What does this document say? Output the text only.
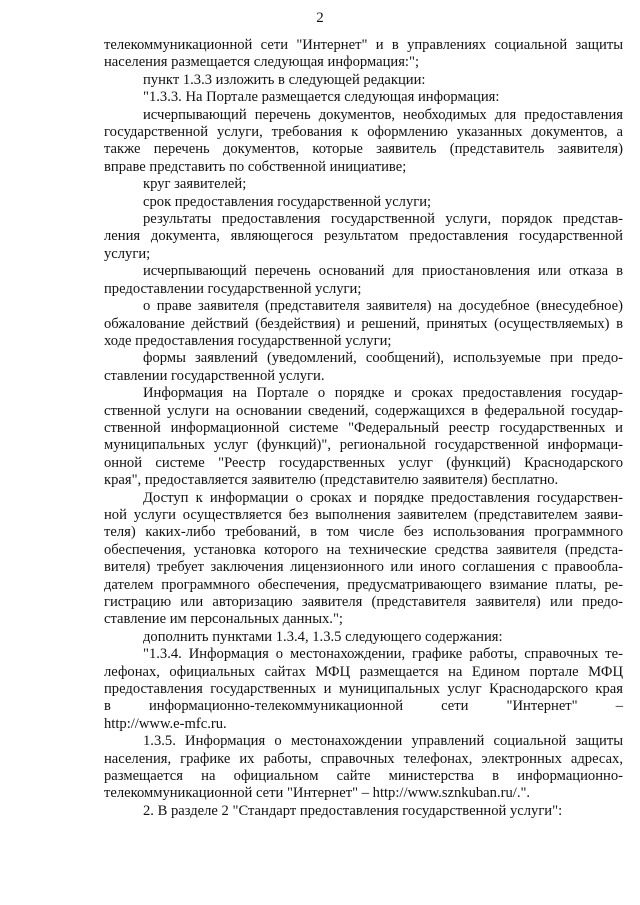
2

телекоммуникационной сети "Интернет" и в управлениях социальной защиты
населения размещается следующая информация:";

пункт 1.3.3 изложить в следующей редакции:

"1.3.3. На Портале размещается следующая информация:

исчерпывающий перечень документов, необходимых для предоставления
государственной услуги, требования к оформлению указанных документов, а
также перечень документов, которые заявитель (представитель заявителя)
вправе представить по собственной инициативе;

круг заявителей;

срок предоставления государственной услуги;

результаты предоставления государственной услуги, порядок представ-
ления документа, являющегося результатом предоставления государственной
услуги;

исчерпывающий перечень оснований для приостановления или отказа в
предоставлении государственной услуги;

о праве заявителя (представителя заявителя) на досудебное (внесудебное)
обжалование действий (бездействия) и решений, принятых (осуществляемых) в
ходе предоставления государственной услуги;

формы заявлений (уведомлений, сообщений), используемые при предо-
ставлении государственной услуги.

Информация на Портале о порядке и сроках предоставления государ-
ственной услуги на основании сведений, содержащихся в федеральной государ-
ственной информационной системе "Федеральный реестр государственных и
муниципальных услуг (функций)", региональной государственной информаци-
онной системе "Реестр государственных услуг (функций) Краснодарского
края", предоставляется заявителю (представителю заявителя) бесплатно.

Доступ к информации о сроках и порядке предоставления государствен-
ной услуги осуществляется без выполнения заявителем (представителем заяви-
теля) каких-либо требований, в том числе без использования программного
обеспечения, установка которого на технические средства заявителя (предста-
вителя) требует заключения лицензионного или иного соглашения с правообла-
дателем программного обеспечения, предусматривающего взимание платы, ре-
гистрацию или авторизацию заявителя (представителя заявителя) или предо-
ставление им персональных данных.";

дополнить пунктами 1.3.4, 1.3.5 следующего содержания:

"1.3.4. Информация о местонахождении, графике работы, справочных те-
лефонах, официальных сайтах МФЦ размещается на Едином портале МФЦ
предоставления государственных и муниципальных услуг Краснодарского края
в информационно-телекоммуникационной сети "Интернет" –
http://www.e-mfc.ru.

1.3.5. Информация о местонахождении управлений социальной защиты
населения, графике их работы, справочных телефонах, электронных адресах,
размещается на официальном сайте министерства в информационно-
телекоммуникационной сети "Интернет" – http://www.sznkuban.ru/.".

2. В разделе 2 "Стандарт предоставления государственной услуги":
